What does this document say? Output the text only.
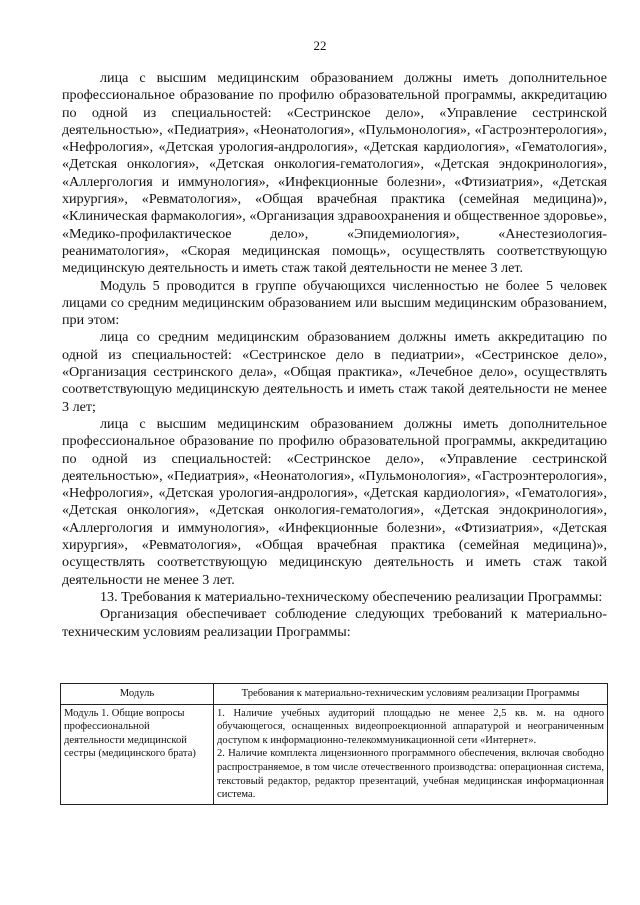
22

лица с высшим медицинским образованием должны иметь дополнительное профессиональное образование по профилю образовательной программы, аккредитацию по одной из специальностей: «Сестринское дело», «Управление сестринской деятельностью», «Педиатрия», «Неонатология», «Пульмонология», «Гастроэнтерология», «Нефрология», «Детская урология-андрология», «Детская кардиология», «Гематология», «Детская онкология», «Детская онкология-гематология», «Детская эндокринология», «Аллергология и иммунология», «Инфекционные болезни», «Фтизиатрия», «Детская хирургия», «Ревматология», «Общая врачебная практика (семейная медицина)», «Клиническая фармакология», «Организация здравоохранения и общественное здоровье», «Медико-профилактическое дело», «Эпидемиология», «Анестезиология-реаниматология», «Скорая медицинская помощь», осуществлять соответствующую медицинскую деятельность и иметь стаж такой деятельности не менее 3 лет.

Модуль 5 проводится в группе обучающихся численностью не более 5 человек лицами со средним медицинским образованием или высшим медицинским образованием, при этом:

лица со средним медицинским образованием должны иметь аккредитацию по одной из специальностей: «Сестринское дело в педиатрии», «Сестринское дело», «Организация сестринского дела», «Общая практика», «Лечебное дело», осуществлять соответствующую медицинскую деятельность и иметь стаж такой деятельности не менее 3 лет;

лица с высшим медицинским образованием должны иметь дополнительное профессиональное образование по профилю образовательной программы, аккредитацию по одной из специальностей: «Сестринское дело», «Управление сестринской деятельностью», «Педиатрия», «Неонатология», «Пульмонология», «Гастроэнтерология», «Нефрология», «Детская урология-андрология», «Детская кардиология», «Гематология», «Детская онкология», «Детская онкология-гематология», «Детская эндокринология», «Аллергология и иммунология», «Инфекционные болезни», «Фтизиатрия», «Детская хирургия», «Ревматология», «Общая врачебная практика (семейная медицина)», осуществлять соответствующую медицинскую деятельность и иметь стаж такой деятельности не менее 3 лет.

13. Требования к материально-техническому обеспечению реализации Программы:

Организация обеспечивает соблюдение следующих требований к материально-техническим условиям реализации Программы:

Модуль	Требования к материально-техническим условиям реализации Программы
Модуль 1. Общие вопросы профессиональной деятельности медицинской сестры (медицинского брата)	1. Наличие учебных аудиторий площадью не менее 2,5 кв. м. на одного обучающегося, оснащенных видеопроекционной аппаратурой и неограниченным доступом к информационно-телекоммуникационной сети «Интернет».

2. Наличие комплекта лицензионного программного обеспечения, включая свободно распространяемое, в том числе отечественного производства: операционная система, текстовый редактор, редактор презентаций, учебная медицинская информационная система.
